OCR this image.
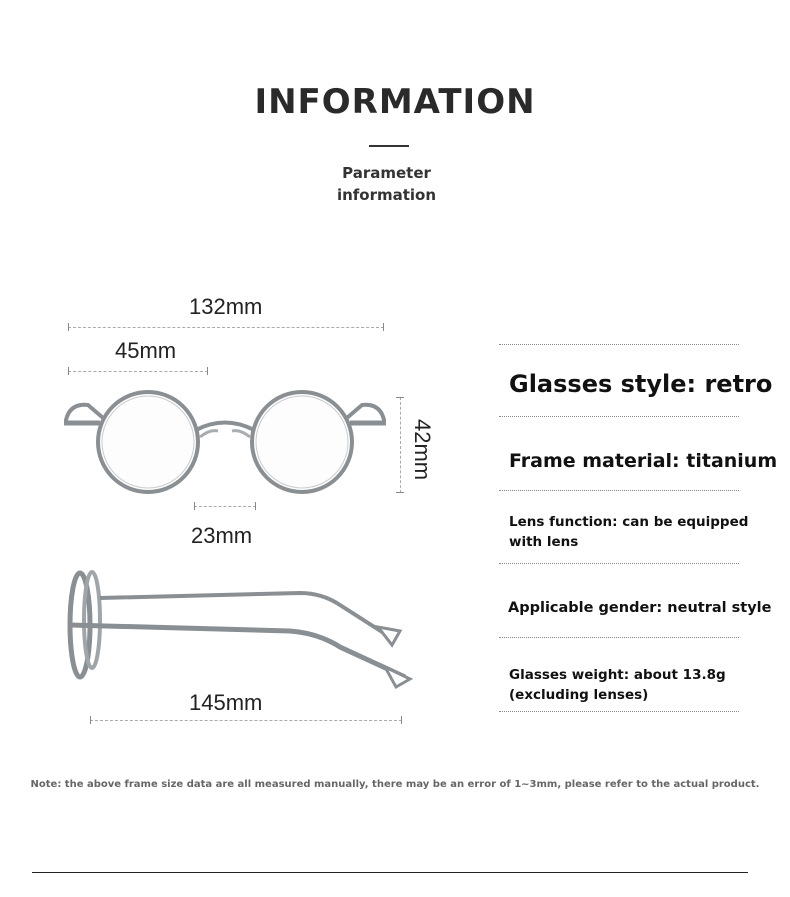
INFORMATION
Parameter
information
132mm
45mm
42mm
23mm
145mm
Glasses style: retro
Frame material: titanium
Lens function: can be equipped
with lens
Applicable gender: neutral style
Glasses weight: about 13.8g
(excluding lenses)
Note: the above frame size data are all measured manually, there may be an error of 1~3mm, please refer to the actual product.
